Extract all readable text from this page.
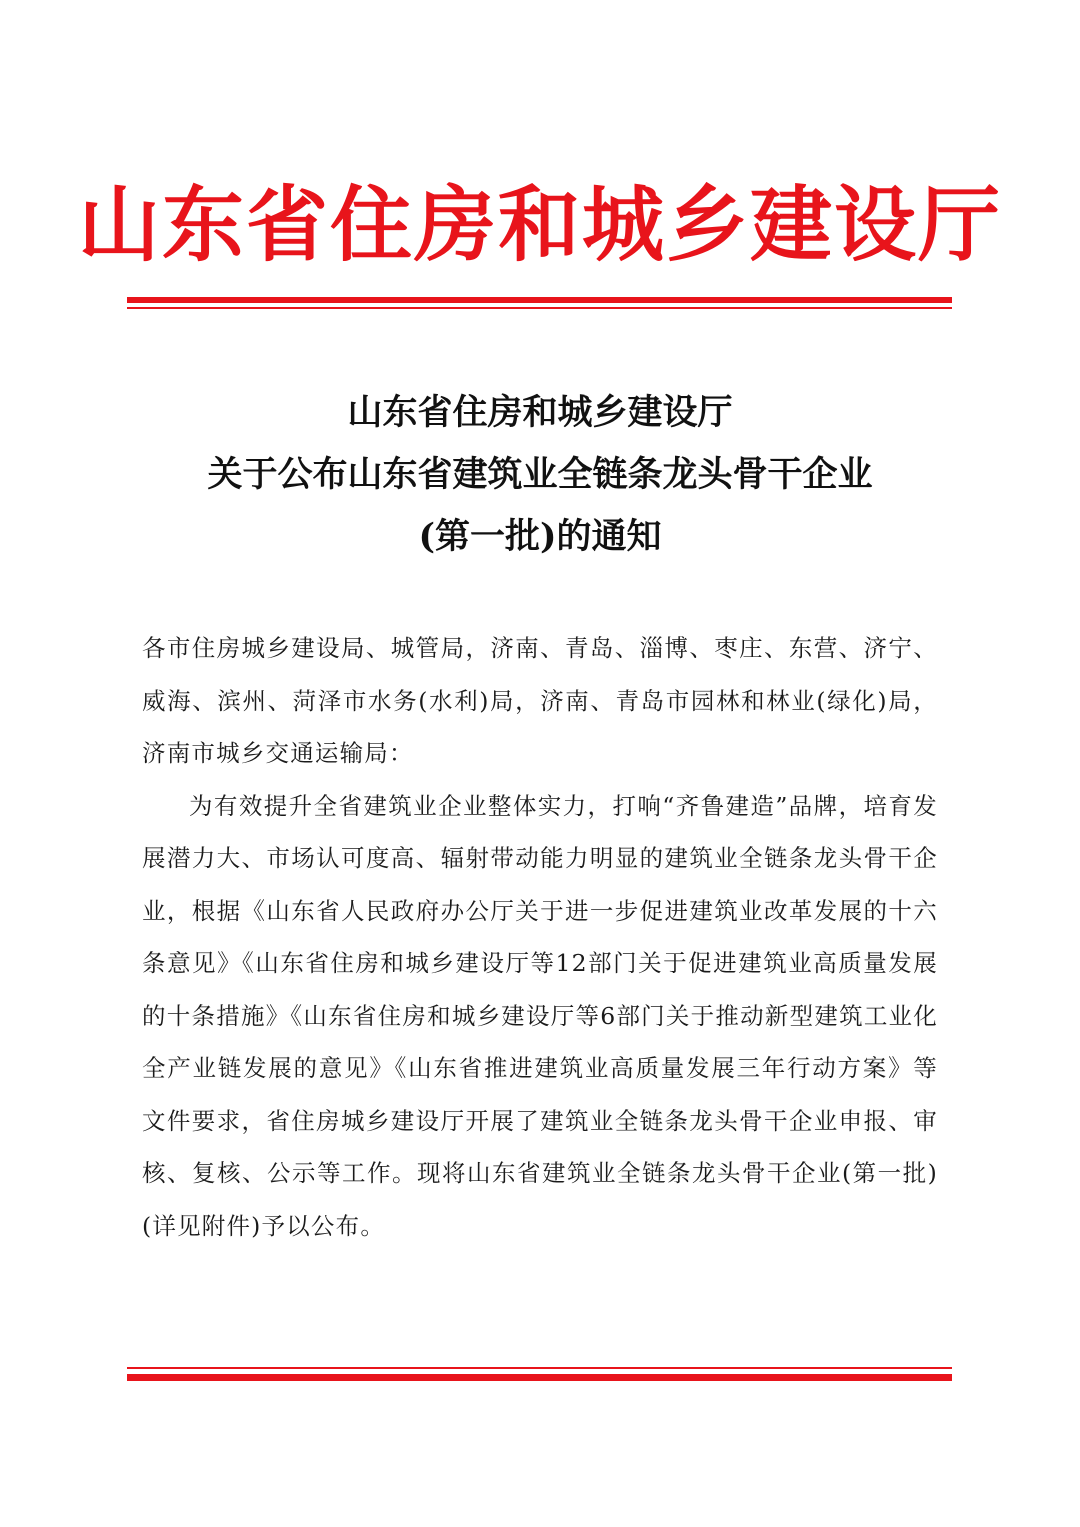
山东省住房和城乡建设厅
山东省住房和城乡建设厅
关于公布山东省建筑业全链条龙头骨干企业
(第一批)的通知

各市住房城乡建设局、城管局，济南、青岛、淄博、枣庄、东营、济宁、威海、滨州、菏泽市水务(水利)局，济南、青岛市园林和林业(绿化)局，济南市城乡交通运输局：

为有效提升全省建筑业企业整体实力，打响“齐鲁建造”品牌，培育发展潜力大、市场认可度高、辐射带动能力明显的建筑业全链条龙头骨干企业，根据《山东省人民政府办公厅关于进一步促进建筑业改革发展的十六条意见》《山东省住房和城乡建设厅等12部门关于促进建筑业高质量发展的十条措施》《山东省住房和城乡建设厅等6部门关于推动新型建筑工业化全产业链发展的意见》《山东省推进建筑业高质量发展三年行动方案》等文件要求，省住房城乡建设厅开展了建筑业全链条龙头骨干企业申报、审核、复核、公示等工作。现将山东省建筑业全链条龙头骨干企业(第一批)(详见附件)予以公布。
